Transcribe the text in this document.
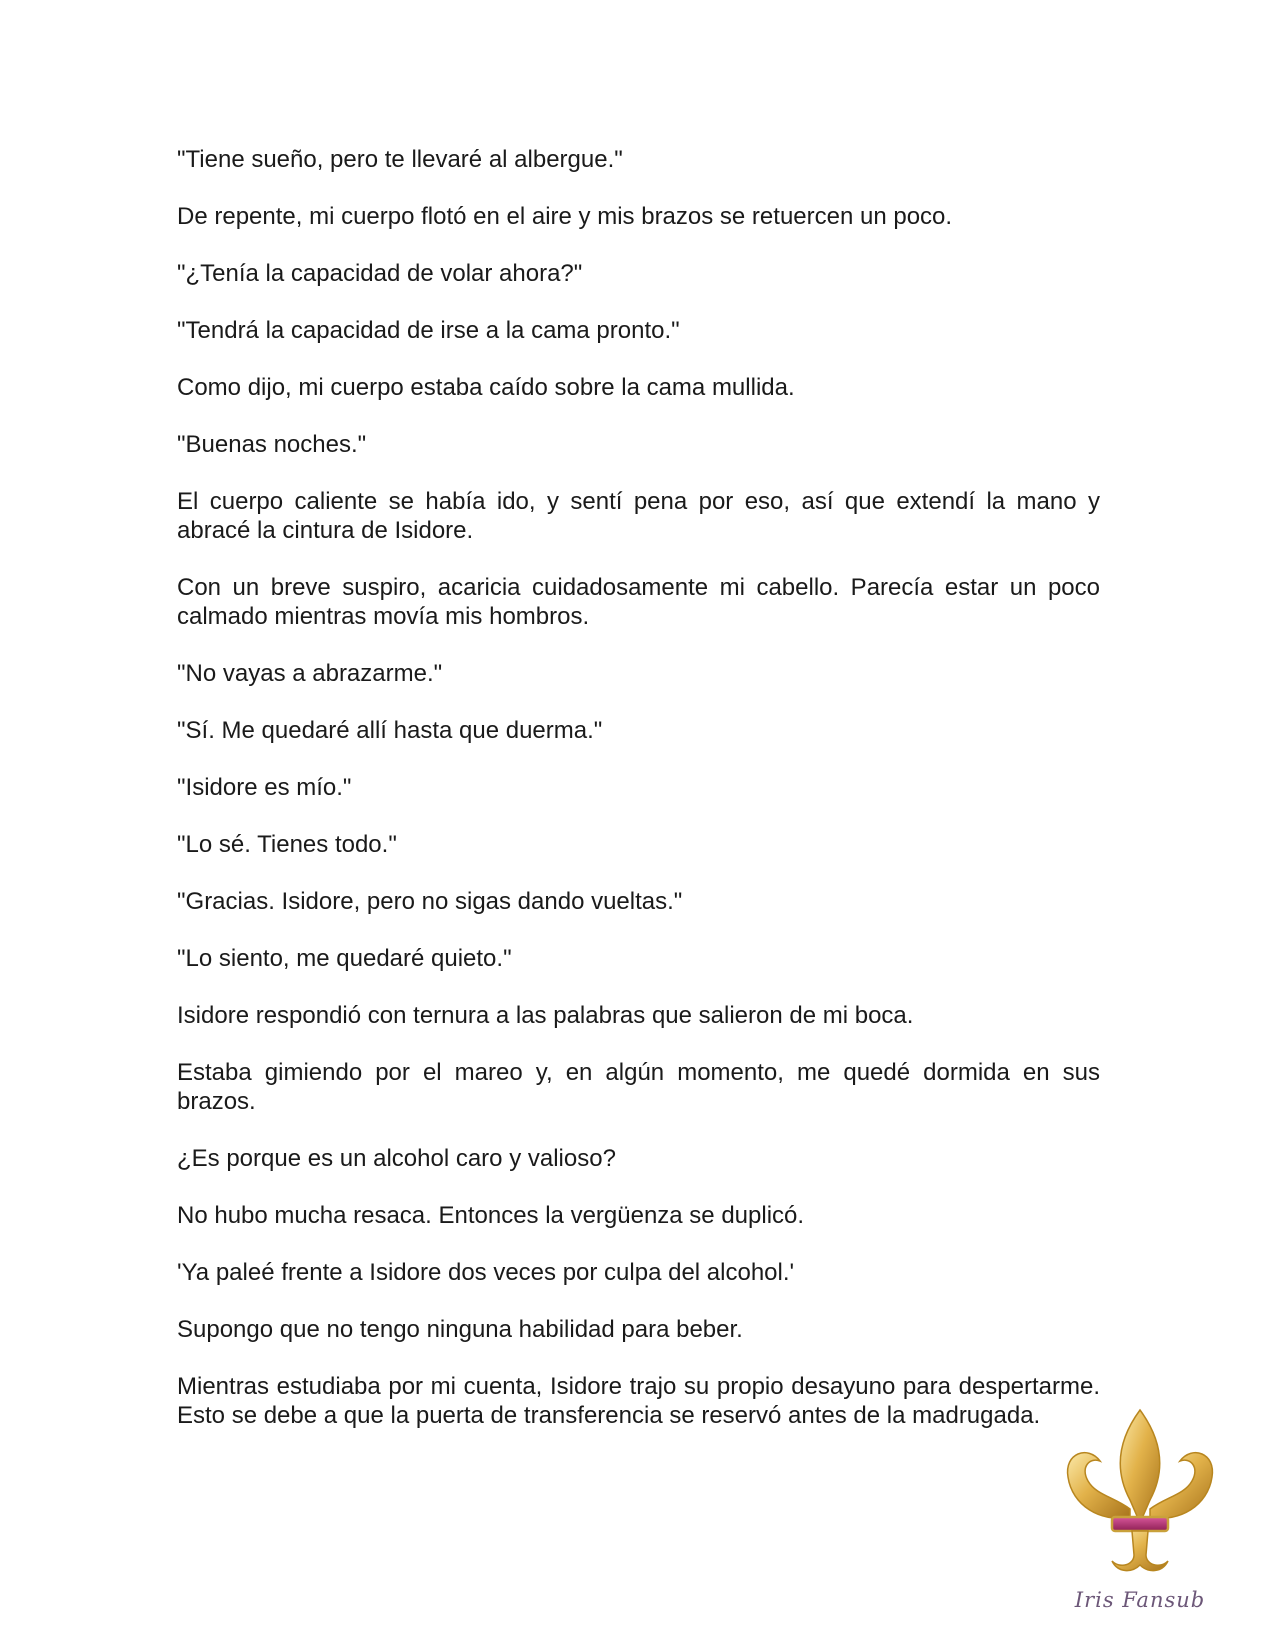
"Tiene sueño, pero te llevaré al albergue."

De repente, mi cuerpo flotó en el aire y mis brazos se retuercen un poco.

"¿Tenía la capacidad de volar ahora?"

"Tendrá la capacidad de irse a la cama pronto."

Como dijo, mi cuerpo estaba caído sobre la cama mullida.

"Buenas noches."

El cuerpo caliente se había ido, y sentí pena por eso, así que extendí la mano y abracé la cintura de Isidore.

Con un breve suspiro, acaricia cuidadosamente mi cabello. Parecía estar un poco calmado mientras movía mis hombros.

"No vayas a abrazarme."

"Sí. Me quedaré allí hasta que duerma."

"Isidore es mío."

"Lo sé. Tienes todo."

"Gracias. Isidore, pero no sigas dando vueltas."

"Lo siento, me quedaré quieto."

Isidore respondió con ternura a las palabras que salieron de mi boca.

Estaba gimiendo por el mareo y, en algún momento, me quedé dormida en sus brazos.

¿Es porque es un alcohol caro y valioso?

No hubo mucha resaca. Entonces la vergüenza se duplicó.

'Ya paleé frente a Isidore dos veces por culpa del alcohol.'

Supongo que no tengo ninguna habilidad para beber.

Mientras estudiaba por mi cuenta, Isidore trajo su propio desayuno para despertarme. Esto se debe a que la puerta de transferencia se reservó antes de la madrugada.

Iris Fansub
